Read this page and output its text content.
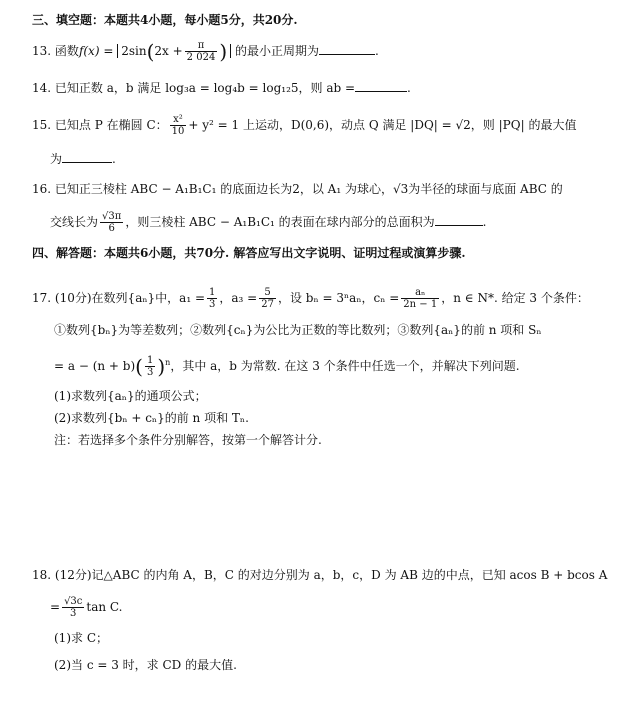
三、填空题：本题共4小题，每小题5分，共20分.
13. 函数$f(x) = 2\sin(2x + \frac{\pi}{2 024}$ ) 的最小正周期为	.
14. 已知正数 a，b 满足 log₃a = log₄b = log₁₂5，则 ab =	.
15. 已知点 P 在椭圆 C： $\frac{\text{x²}}{10} + y^2 = 1$ 上运动，D(0,6)，动点 Q 满足 |DQ| = √2，则 |PQ| 的最大值
为	.
16. 已知正三棱柱 ABC − A₁B₁C₁ 的底面边长为2，以 A₁ 为球心，√3为半径的球面与底面 ABC 的
交线长为 $\frac{√3\pi}{6}$ ，则三棱柱 ABC − A₁B₁C₁ 的表面在球内部分的总面积为	.
四、解答题：本题共6小题，共70分. 解答应写出文字说明、证明过程或演算步骤.
17. (10分)在数列{aₙ}中，$a_1 = \frac{1}{3}$ ，$a_3 = \frac{5}{27}$ ，设 bₙ = 3ⁿaₙ，$c_n = \frac{\text{aₙ}}{2n - 1}$ ，n ∈ N*. 给定 3 个条件：
①数列{bₙ}为等差数列；②数列{cₙ}为公比为正数的等比数列；③数列{aₙ}的前 n 项和 Sₙ
= $a - (n + b)( \frac{1}{3} )^n$，其中 a，b 为常数. 在这 3 个条件中任选一个，并解决下列问题.
(1)求数列{aₙ}的通项公式；
(2)求数列{bₙ + cₙ}的前 n 项和 Tₙ.
注：若选择多个条件分别解答，按第一个解答计分.
18. (12分)记△ABC 的内角 A，B，C 的对边分别为 a，b，c，D 为 AB 边的中点，已知 acos B + bcos A
= $\frac{√3c}{3}$ tan C.
(1)求 C；
(2)当 c = 3 时，求 CD 的最大值.
